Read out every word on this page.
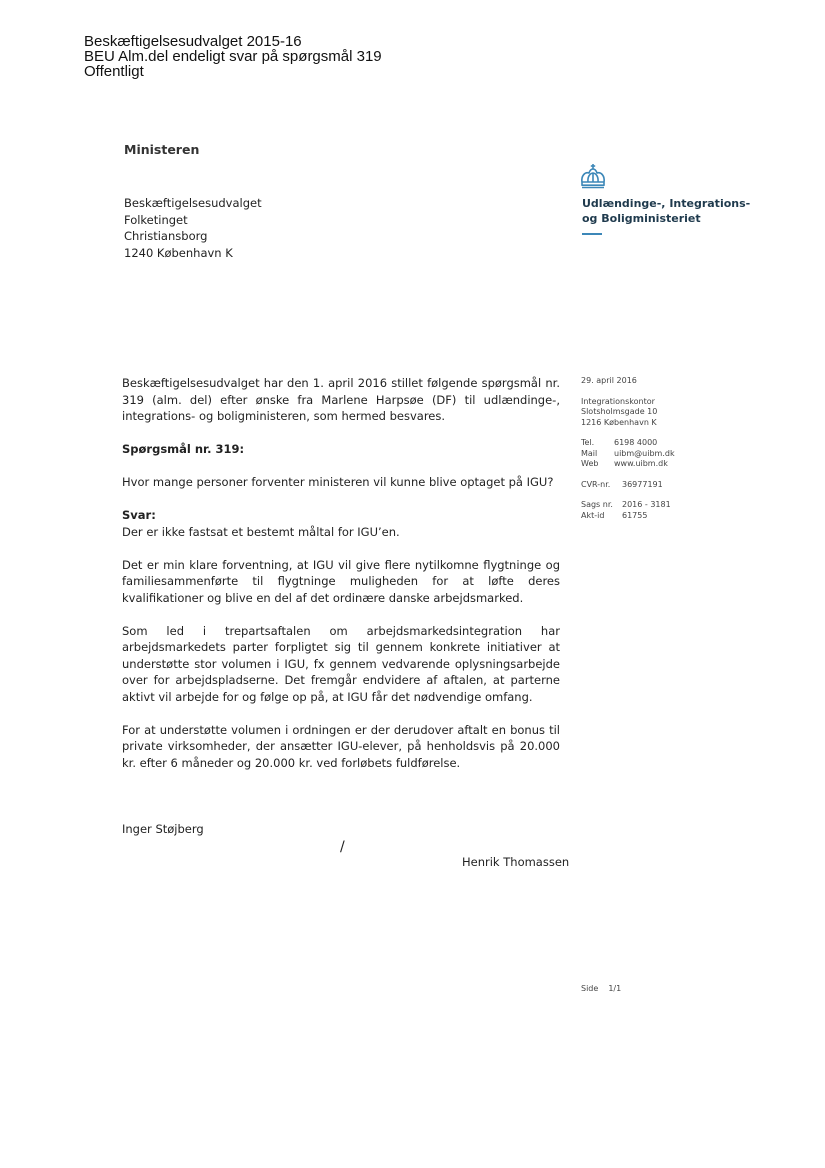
Beskæftigelsesudvalget 2015-16
BEU Alm.del endeligt svar på spørgsmål 319
Offentligt
Ministeren
Beskæftigelsesudvalget
Folketinget
Christiansborg
1240 København K
Udlændinge-, Integrations-
og Boligministeriet

Beskæftigelsesudvalget har den 1. april 2016 stillet følgende spørgsmål nr. 319 (alm. del) efter ønske fra Marlene Harpsøe (DF) til udlændinge-, integrations- og boligministeren, som hermed besvares.

Spørgsmål nr. 319:

Hvor mange personer forventer ministeren vil kunne blive optaget på IGU?

Svar:

Der er ikke fastsat et bestemt måltal for IGU’en.

Det er min klare forventning, at IGU vil give flere nytilkomne flygtninge og familiesammenførte til flygtninge muligheden for at løfte deres kvalifikationer og blive en del af det ordinære danske arbejdsmarked.

Som led i trepartsaftalen om arbejdsmarkedsintegration har arbejdsmarkedets parter forpligtet sig til gennem konkrete initiativer at understøtte stor volumen i IGU, fx gennem vedvarende oplysningsarbejde over for arbejdspladserne. Det fremgår endvidere af aftalen, at parterne aktivt vil arbejde for og følge op på, at IGU får det nødvendige omfang.

For at understøtte volumen i ordningen er der derudover aftalt en bonus til private virksomheder, der ansætter IGU-elever, på henholdsvis på 20.000 kr. efter 6 måneder og 20.000 kr. ved forløbets fuldførelse.

Inger Støjberg
/
Henrik Thomassen
29. april 2016
Integrationskontor
Slotsholmsgade 10
1216 København K
Tel.	6198 4000
Mail	uibm@uibm.dk
Web	www.uibm.dk
CVR-nr.	36977191
Sags nr.	2016 - 3181
Akt-id	61755
Side 1/1
